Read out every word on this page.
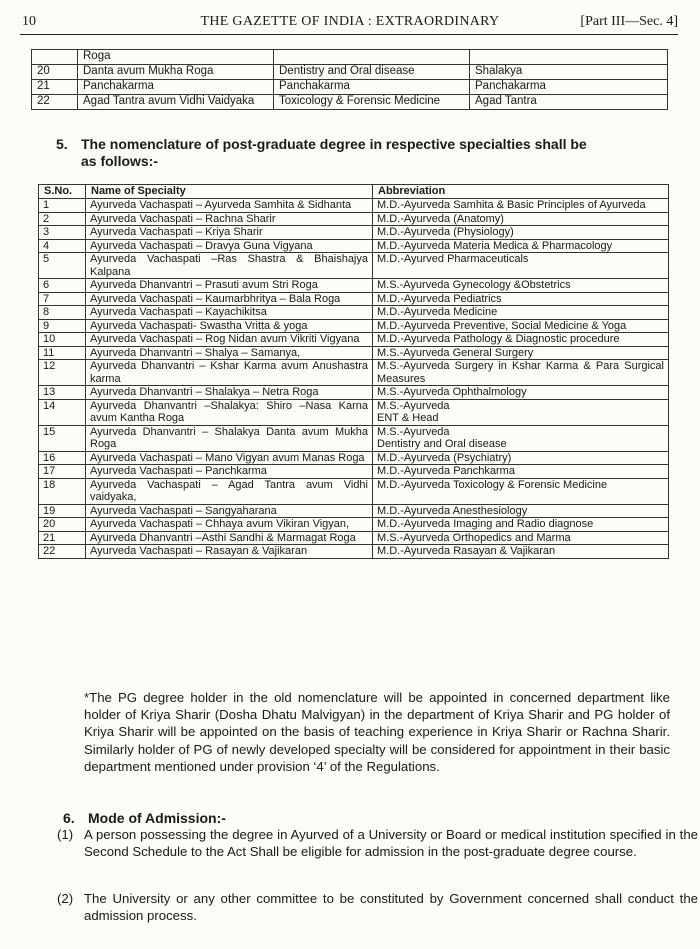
10	THE GAZETTE OF INDIA : EXTRAORDINARY	[Part III—Sec. 4]
	Roga		
20	Danta avum Mukha Roga	Dentistry and Oral disease	Shalakya
21	Panchakarma	Panchakarma	Panchakarma
22	Agad Tantra avum Vidhi Vaidyaka	Toxicology & Forensic Medicine	Agad Tantra
5. The nomenclature of post-graduate degree in respective specialties shall be
as follows:-
S.No.	Name of Specialty	Abbreviation
1	Ayurveda Vachaspati – Ayurveda Samhita & Sidhanta	M.D.-Ayurveda Samhita & Basic Principles of Ayurveda
2	Ayurveda Vachaspati – Rachna Sharir	M.D.-Ayurveda (Anatomy)
3	Ayurveda Vachaspati – Kriya Sharir	M.D.-Ayurveda (Physiology)
4	Ayurveda Vachaspati – Dravya Guna Vigyana	M.D.-Ayurveda Materia Medica & Pharmacology
5	Ayurveda Vachaspati –Ras Shastra & Bhaishajya Kalpana	M.D.-Ayurved Pharmaceuticals
6	Ayurveda Dhanvantri – Prasuti avum Stri Roga	M.S.-Ayurveda Gynecology &Obstetrics
7	Ayurveda Vachaspati – Kaumarbhritya – Bala Roga	M.D.-Ayurveda Pediatrics
8	Ayurveda Vachaspati – Kayachikitsa	M.D.-Ayurveda Medicine
9	Ayurveda Vachaspati- Swastha Vritta & yoga	M.D.-Ayurveda Preventive, Social Medicine & Yoga
10	Ayurveda Vachaspati – Rog Nidan avum Vikriti Vigyana	M.D.-Ayurveda Pathology & Diagnostic procedure
11	Ayurveda Dhanvantri – Shalya – Samanya,	M.S.-Ayurveda General Surgery
12	Ayurveda Dhanvantri – Kshar Karma avum Anushastra karma	M.S.-Ayurveda Surgery in Kshar Karma & Para Surgical Measures
13	Ayurveda Dhanvantri – Shalakya – Netra Roga	M.S.-Ayurveda Ophthalmology
14	Ayurveda Dhanvantri –Shalakya: Shiro –Nasa Karna avum Kantha Roga	M.S.-Ayurveda
ENT & Head
15	Ayurveda Dhanvantri – Shalakya Danta avum Mukha Roga	M.S.-Ayurveda
Dentistry and Oral disease
16	Ayurveda Vachaspati – Mano Vigyan avum Manas Roga	M.D.-Ayurveda (Psychiatry)
17	Ayurveda Vachaspati – Panchkarma	M.D.-Ayurveda Panchkarma
18	Ayurveda Vachaspati – Agad Tantra avum Vidhi vaidyaka,	M.D.-Ayurveda Toxicology & Forensic Medicine
19	Ayurveda Vachaspati – Sangyaharana	M.D.-Ayurveda Anesthesiology
20	Ayurveda Vachaspati – Chhaya avum Vikiran Vigyan,	M.D.-Ayurveda Imaging and Radio diagnose
21	Ayurveda Dhanvantri –Asthi Sandhi & Marmagat Roga	M.S.-Ayurveda Orthopedics and Marma
22	Ayurveda Vachaspati – Rasayan & Vajikaran	M.D.-Ayurveda Rasayan & Vajikaran
*The PG degree holder in the old nomenclature will be appointed in concerned department like holder of Kriya Sharir (Dosha Dhatu Malvigyan) in the department of Kriya Sharir and PG holder of Kriya Sharir will be appointed on the basis of teaching experience in Kriya Sharir or Rachna Sharir. Similarly holder of PG of newly developed specialty will be considered for appointment in their basic department mentioned under provision ‘4’ of the Regulations.
6. Mode of Admission:-
(1) A person possessing the degree in Ayurved of a University or Board or medical institution specified in the Second Schedule to the Act Shall be eligible for admission in the post-graduate degree course.
(2) The University or any other committee to be constituted by Government concerned shall conduct the admission process.
